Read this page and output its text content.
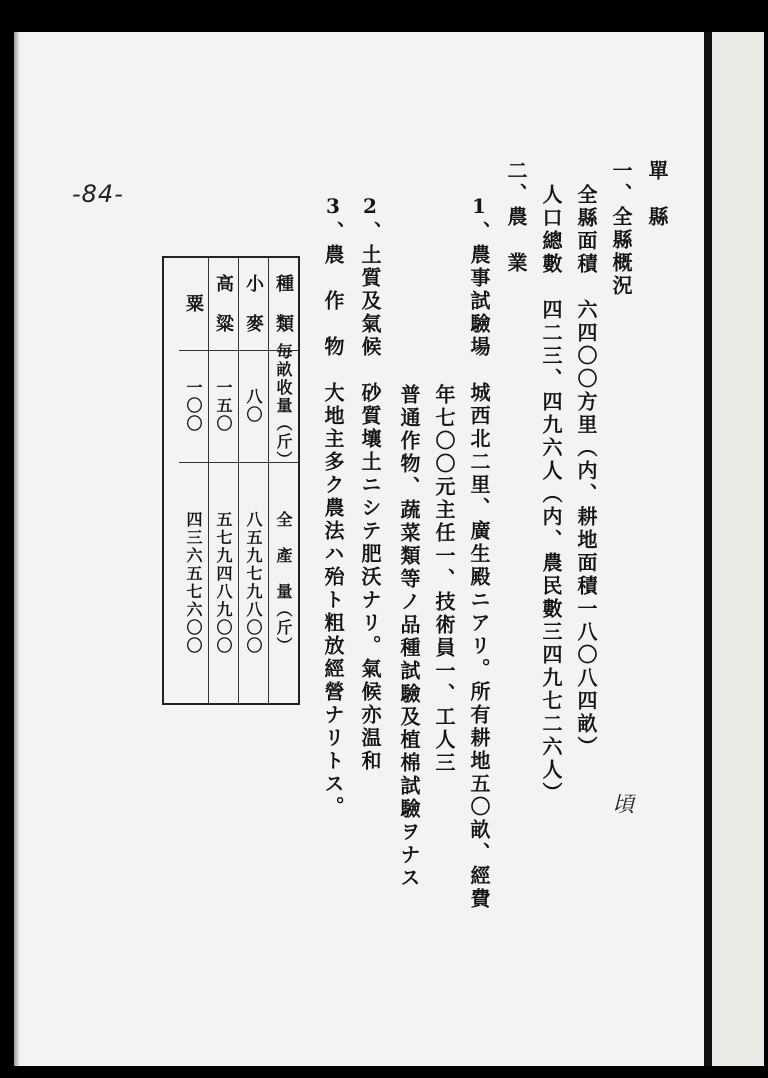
-84-	單　縣
一、全縣概況
全縣面積　六四〇〇方里（内、耕地面積一八〇八四畝）
人口總數　四二三、四九六人（内、農民數三四九七二六人）
二、農　業
1、農事試驗場　城西北二里、廣生殿ニアリ。所有耕地五〇畝、經費
年七〇〇元主任一、技術員一、工人三
普通作物、蔬菜類等ノ品種試驗及植棉試驗ヲナス
2、土質及氣候　砂質壤土ニシテ肥沃ナリ。氣候亦温和
3、農　作　物　大地主多ク農法ハ殆ト粗放經營ナリトス。	頃
種　類
毎畝收量（斤）
全　產　量（斤）
小　麥
八〇
八五九七九八〇〇
高　粱
一五〇
五七九四八九〇〇
粟
一〇〇
四三六五七六〇〇
